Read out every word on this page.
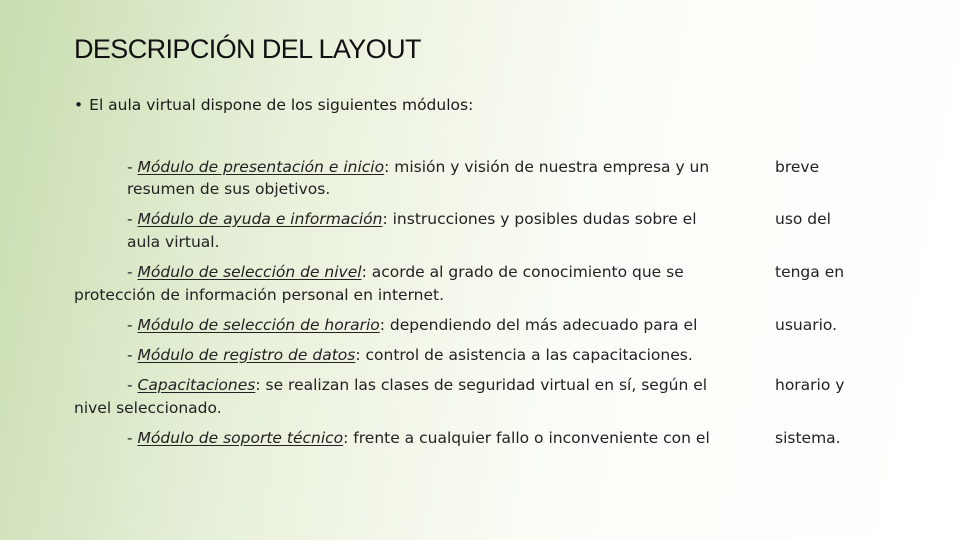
DESCRIPCIÓN DEL LAYOUT
• El aula virtual dispone de los siguientes módulos:
- Módulo de presentación e inicio: misión y visión de nuestra empresa y un	breve
resumen de sus objetivos.
- Módulo de ayuda e información: instrucciones y posibles dudas sobre el	uso del
aula virtual.
- Módulo de selección de nivel: acorde al grado de conocimiento que se	tenga en
protección de información personal en internet.
- Módulo de selección de horario: dependiendo del más adecuado para el	usuario.
- Módulo de registro de datos: control de asistencia a las capacitaciones.
- Capacitaciones: se realizan las clases de seguridad virtual en sí, según el	horario y
nivel seleccionado.
- Módulo de soporte técnico: frente a cualquier fallo o inconveniente con el	sistema.
